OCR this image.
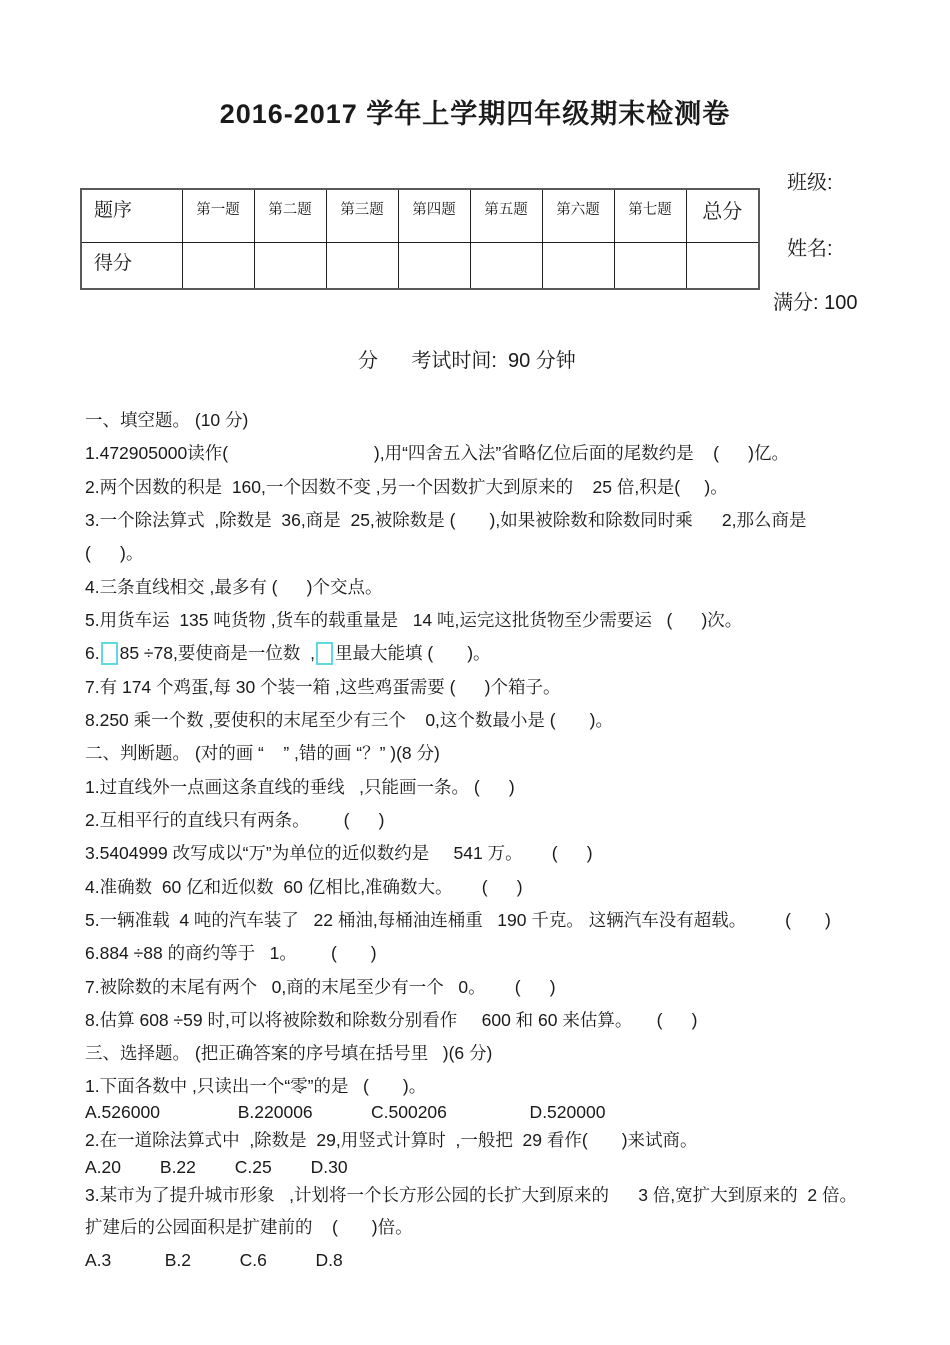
2016-2017 学年上学期四年级期末检测卷
班级:
姓名:
满分: 100
题序	第一题	第二题	第三题	第四题	第五题	第六题	第七题	总分
得分								
分      考试时间:  90 分钟

一、填空题。 (10 分)

1.472905000读作(                              ),用“四舍五入法”省略亿位后面的尾数约是    (      )亿。

2.两个因数的积是  160,一个因数不变 ,另一个因数扩大到原来的    25 倍,积是(     )。

3.一个除法算式  ,除数是  36,商是  25,被除数是 (       ),如果被除数和除数同时乘      2,那么商是

(      )。

4.三条直线相交 ,最多有 (      )个交点。

5.用货车运  135 吨货物 ,货车的载重量是   14 吨,运完这批货物至少需要运   (      )次。

6. 85 ÷78,要使商是一位数  , 里最大能填 (       )。

7.有 174 个鸡蛋,每 30 个装一箱 ,这些鸡蛋需要 (      )个箱子。

8.250 乘一个数 ,要使积的末尾至少有三个    0,这个数最小是 (       )。

二、判断题。 (对的画 “    ” ,错的画 “？” )(8 分)

1.过直线外一点画这条直线的垂线   ,只能画一条。 (      )

2.互相平行的直线只有两条。       (      )

3.5404999 改写成以“万”为单位的近似数约是     541 万。      (      )

4.准确数  60 亿和近似数  60 亿相比,准确数大。      (      )

5.一辆准载  4 吨的汽车装了   22 桶油,每桶油连桶重   190 千克。 这辆汽车没有超载。        (       )

6.884 ÷88 的商约等于   1。       (       )

7.被除数的末尾有两个   0,商的末尾至少有一个   0。      (      )

8.估算 608 ÷59 时,可以将被除数和除数分别看作     600 和 60 来估算。     (      )

三、选择题。 (把正确答案的序号填在括号里   )(6 分)

1.下面各数中 ,只读出一个“零”的是   (       )。

A.526000                B.220006            C.500206                 D.520000

2.在一道除法算式中  ,除数是  29,用竖式计算时  ,一般把  29 看作(       )来试商。

A.20        B.22        C.25        D.30

3.某市为了提升城市形象   ,计划将一个长方形公园的长扩大到原来的      3 倍,宽扩大到原来的  2 倍。

扩建后的公园面积是扩建前的    (       )倍。

A.3           B.2          C.6          D.8
